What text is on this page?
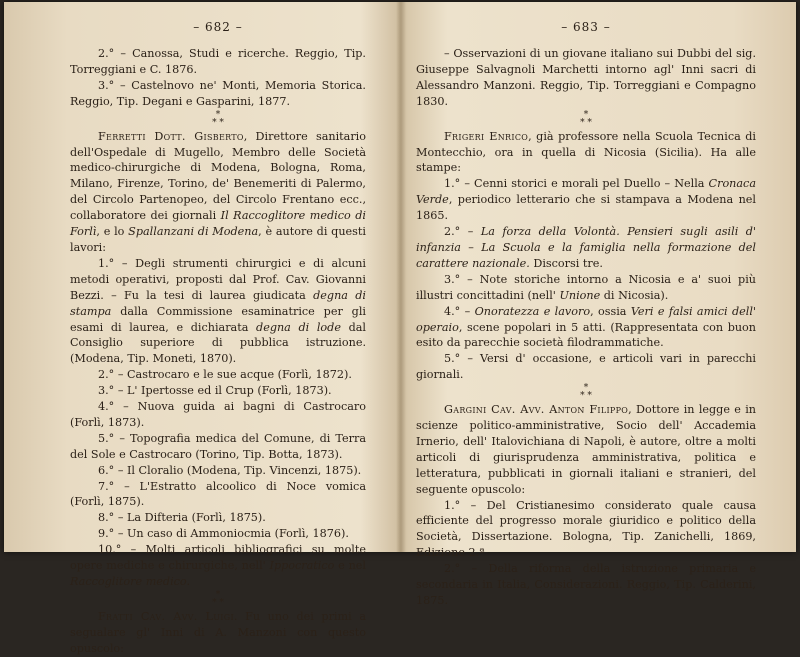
– 682 –

2.° – Canossa, Studi e ricerche. Reggio, Tip. Torreggiani e C. 1876.

3.° – Castelnovo ne' Monti, Memoria Storica. Reggio, Tip. Degani e Gasparini, 1877.

*
* *

Ferretti Dott. Gisberto, Direttore sanitario dell'Ospedale di Mugello, Membro delle Società medico-chirurgiche di Modena, Bologna, Roma, Milano, Firenze, Torino, de' Benemeriti di Palermo, del Circolo Partenopeo, del Circolo Frentano ecc., collaboratore dei giornali Il Raccoglitore medico di Forlì, e lo Spallanzani di Modena, è autore di questi lavori:

1.° – Degli strumenti chirurgici e di alcuni metodi operativi, proposti dal Prof. Cav. Giovanni Bezzi. – Fu la tesi di laurea giudicata degna di stampa dalla Commissione esaminatrice per gli esami di laurea, e dichiarata degna di lode dal Consiglio superiore di pubblica istruzione. (Modena, Tip. Moneti, 1870).

2.° – Castrocaro e le sue acque (Forlì, 1872).

3.° – L' Ipertosse ed il Crup (Forlì, 1873).

4.° – Nuova guida ai bagni di Castrocaro (Forlì, 1873).

5.° – Topografia medica del Comune, di Terra del Sole e Castrocaro (Torino, Tip. Botta, 1873).

6.° – Il Cloralio (Modena, Tip. Vincenzi, 1875).

7.° – L'Estratto alcoolico di Noce vomica (Forlì, 1875).

8.° – La Difteria (Forlì, 1875).

9.° – Un caso di Ammoniocmia (Forlì, 1876).

10.° – Molti articoli bibliografici su molte opere mediche e chirurgiche, nell' Ippocratico e nel Raccoglitore medico.

*
* *

Fratti Cav. Avv. Luigi. Fu uno dei primi a segualare gl' Inni di A. Manzoni con questo opuscolo:

– 683 –

– Osservazioni di un giovane italiano sui Dubbi del sig. Giuseppe Salvagnoli Marchetti intorno agl' Inni sacri di Alessandro Manzoni. Reggio, Tip. Torreggiani e Compagno 1830.

*
* *

Frigeri Enrico, già professore nella Scuola Tecnica di Montecchio, ora in quella di Nicosia (Sicilia). Ha alle stampe:

1.° – Cenni storici e morali pel Duello – Nella Cronaca Verde, periodico letterario che si stampava a Modena nel 1865.

2.° – La forza della Volontà. Pensieri sugli asili d' infanzia – La Scuola e la famiglia nella formazione del carattere nazionale. Discorsi tre.

3.° – Note storiche intorno a Nicosia e a' suoi più illustri concittadini (nell' Unione di Nicosia).

4.° – Onoratezza e lavoro, ossia Veri e falsi amici dell' operaio, scene popolari in 5 atti. (Rappresentata con buon esito da parecchie società filodrammatiche.

5.° – Versi d' occasione, e articoli vari in parecchi giornali.

*
* *

Gargini Cav. Avv. Anton Filippo, Dottore in legge e in scienze politico-amministrative, Socio dell' Accademia Irnerio, dell' Italovichiana di Napoli, è autore, oltre a molti articoli di giurisprudenza amministrativa, politica e letteratura, pubblicati in giornali italiani e stranieri, del seguente opuscolo:

1.° – Del Cristianesimo considerato quale causa efficiente del progresso morale giuridico e politico della Società, Dissertazione. Bologna, Tip. Zanichelli, 1869, Edizione 2.ª

2.° – Della riforma della istruzione primaria e secondaria in Italia, Considerazioni. Reggio, Tip. Calderini, 1875.
